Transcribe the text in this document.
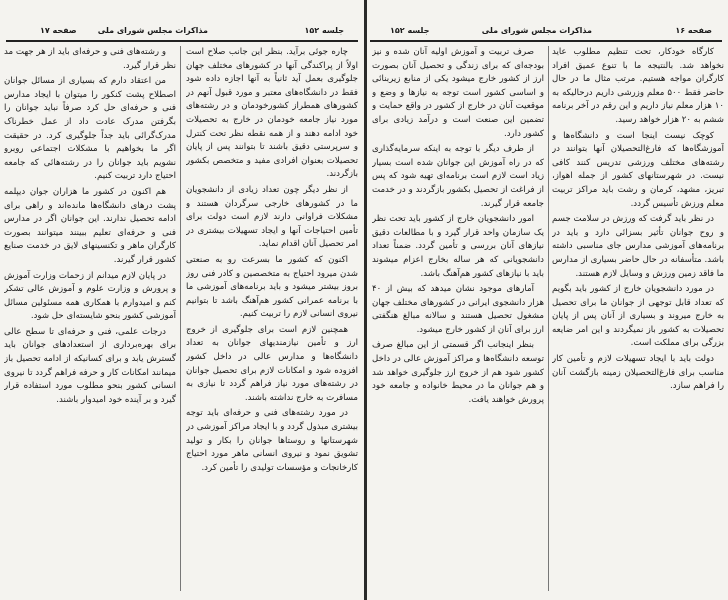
جلسه ۱۵۲
مذاکرات مجلس شورای ملی
صفحه ۱۷

چاره جوئی برآید. بنظر این جانب صلاح است اولاً از پراکندگی آنها در کشورهای مختلف جهان جلوگیری بعمل آید ثانیاً به آنها اجازه داده شود فقط در دانشگاه‌های معتبر و مورد قبول آنهم در کشورهای همطراز کشورخودمان و در رشته‌های مورد نیاز جامعه خودمان در خارج به تحصیلات خود ادامه دهند و از همه نقطه نظر تحت کنترل و سرپرستی دقیق باشند تا بتوانند پس از پایان تحصیلات بعنوان افرادی مفید و متخصص بکشور بازگردند.

از نظر دیگر چون تعداد زیادی از دانشجویان ما در کشورهای خارجی سرگردان هستند و مشکلات فراوانی دارند لازم است دولت برای تأمین احتیاجات آنها و ایجاد تسهیلات بیشتری در امر تحصیل آنان اقدام نماید.

اکنون که کشور ما بسرعت رو به صنعتی شدن میرود احتیاج به متخصصین و کادر فنی روز بروز بیشتر میشود و باید برنامه‌های آموزشی ما با برنامه عمرانی کشور هم‌آهنگ باشد تا بتوانیم نیروی انسانی لازم را تربیت کنیم.

همچنین لازم است برای جلوگیری از خروج ارز و تأمین نیازمندیهای جوانان به تعداد دانشگاه‌ها و مدارس عالی در داخل کشور افزوده شود و امکانات لازم برای تحصیل جوانان در رشته‌های مورد نیاز فراهم گردد تا نیازی به مسافرت به خارج نداشته باشند.

در مورد رشته‌های فنی و حرفه‌ای باید توجه بیشتری مبذول گردد و با ایجاد مراکز آموزشی در شهرستانها و روستاها جوانان را بکار و تولید تشویق نمود و نیروی انسانی ماهر مورد احتیاج کارخانجات و مؤسسات تولیدی را تأمین کرد.

و رشته‌های فنی و حرفه‌ای باید از هر جهت مد نظر قرار گیرد.

من اعتقاد دارم که بسیاری از مسائل جوانان اصطلاح پشت کنکور را میتوان با ایجاد مدارس فنی و حرفه‌ای حل کرد صرفاً نباید جوانان را بگرفتن مدرک عادت داد از عمل خطرناک مدرک‌گرائی باید جداً جلوگیری کرد. در حقیقت اگر ما بخواهیم با مشکلات اجتماعی روبرو نشویم باید جوانان را در رشته‌هائی که جامعه احتیاج دارد تربیت کنیم.

هم اکنون در کشور ما هزاران جوان دیپلمه پشت درهای دانشگاه‌ها مانده‌اند و راهی برای ادامه تحصیل ندارند. این جوانان اگر در مدارس فنی و حرفه‌ای تعلیم ببینند میتوانند بصورت کارگران ماهر و تکنسینهای لایق در خدمت صنایع کشور قرار گیرند.

در پایان لازم میدانم از زحمات وزارت آموزش و پرورش و وزارت علوم و آموزش عالی تشکر کنم و امیدوارم با همکاری همه مسئولین مسائل آموزشی کشور بنحو شایسته‌ای حل شود.

درجات علمی، فنی و حرفه‌ای تا سطح عالی برای بهره‌برداری از استعدادهای جوانان باید گسترش یابد و برای کسانیکه از ادامه تحصیل باز میمانند امکانات کار و حرفه فراهم گردد تا نیروی انسانی کشور بنحو مطلوب مورد استفاده قرار گیرد و بر آینده خود امیدوار باشند.

صفحه ۱۶
مذاکرات مجلس شورای ملی
جلسه ۱۵۲

کارگاه خودکار، تحت تنظیم مطلوب عاید نخواهد شد. بالنتیجه ما با تنوع عمیق افراد کارگران مواجه هستیم. مرتب مثال ما در حال حاضر فقط ۵۰۰ معلم وزرشی داریم درحالیکه به ۱۰ هزار معلم نیاز داریم و این رقم در آخر برنامه ششم به ۲۰ هزار خواهد رسید.

کوچک نیست اینجا است و دانشگاه‌ها و آموزشگاه‌ها که فارغ‌التحصیلان آنها بتوانند در رشته‌های مختلف ورزشی تدریس کنند کافی نیست. در شهرستانهای کشور از جمله اهواز، تبریز، مشهد، کرمان و رشت باید مراکز تربیت معلم ورزش تأسیس گردد.

در نظر باید گرفت که ورزش در سلامت جسم و روح جوانان تأثیر بسزائی دارد و باید در برنامه‌های آموزشی مدارس جای مناسبی داشته باشد. متأسفانه در حال حاضر بسیاری از مدارس ما فاقد زمین ورزش و وسایل لازم هستند.

در مورد دانشجویان خارج از کشور باید بگویم که تعداد قابل توجهی از جوانان ما برای تحصیل به خارج میروند و بسیاری از آنان پس از پایان تحصیلات به کشور باز نمیگردند و این امر ضایعه بزرگی برای مملکت است.

دولت باید با ایجاد تسهیلات لازم و تأمین کار مناسب برای فارغ‌التحصیلان زمینه بازگشت آنان را فراهم سازد.

صرف تربیت و آموزش اولیه آنان شده و نیز بودجه‌ای که برای زندگی و تحصیل آنان بصورت ارز از کشور خارج میشود یکی از منابع زیربنائی و اساسی کشور است توجه به نیازها و وضع و موقعیت آنان در خارج از کشور در واقع حمایت و تضمین این صنعت است و درآمد زیادی برای کشور دارد.

از طرف دیگر با توجه به اینکه سرمایه‌گذاری که در راه آموزش این جوانان شده است بسیار زیاد است لازم است برنامه‌ای تهیه شود که پس از فراغت از تحصیل بکشور بازگردند و در خدمت جامعه قرار گیرند.

امور دانشجویان خارج از کشور باید تحت نظر یک سازمان واحد قرار گیرد و با مطالعات دقیق نیازهای آنان بررسی و تأمین گردد. ضمناً تعداد دانشجویانی که هر ساله بخارج اعزام میشوند باید با نیازهای کشور هم‌آهنگ باشد.

آمارهای موجود نشان میدهد که بیش از ۴۰ هزار دانشجوی ایرانی در کشورهای مختلف جهان مشغول تحصیل هستند و سالانه مبالغ هنگفتی ارز برای آنان از کشور خارج میشود.

بنظر اینجانب اگر قسمتی از این مبالغ صرف توسعه دانشگاه‌ها و مراکز آموزش عالی در داخل کشور شود هم از خروج ارز جلوگیری خواهد شد و هم جوانان ما در محیط خانواده و جامعه خود پرورش خواهند یافت.
